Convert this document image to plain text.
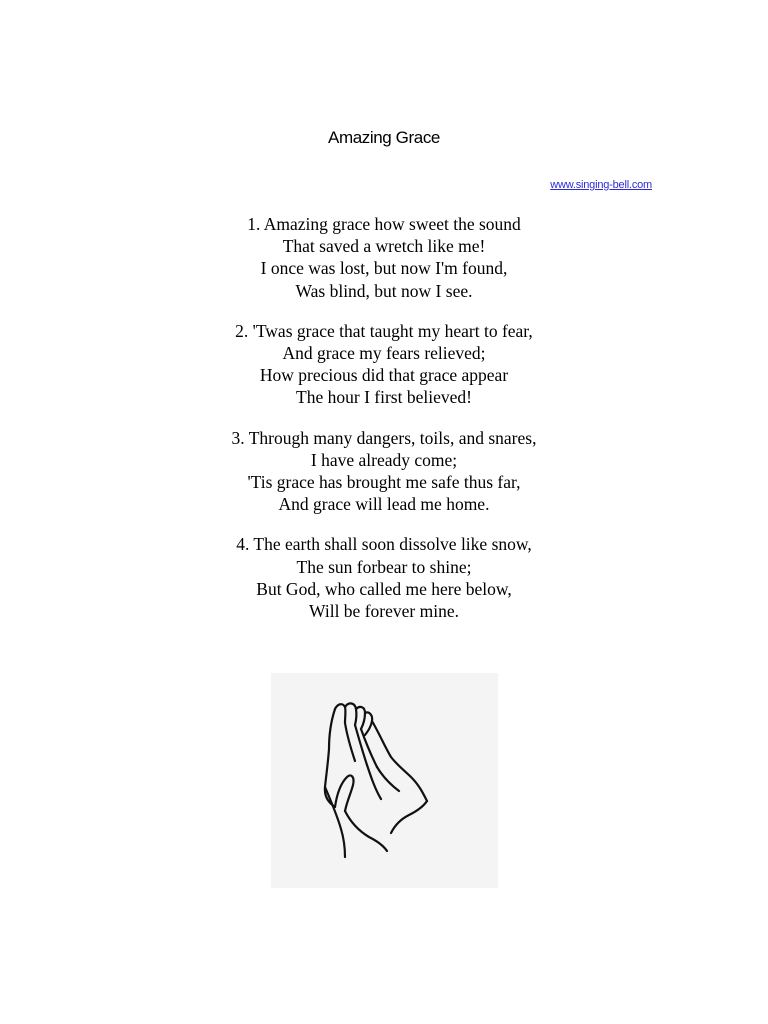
Amazing Grace
www.singing-bell.com
1. Amazing grace how sweet the sound
That saved a wretch like me!
I once was lost, but now I'm found,
Was blind, but now I see.
2. 'Twas grace that taught my heart to fear,
And grace my fears relieved;
How precious did that grace appear
The hour I first believed!
3. Through many dangers, toils, and snares,
I have already come;
'Tis grace has brought me safe thus far,
And grace will lead me home.
4. The earth shall soon dissolve like snow,
The sun forbear to shine;
But God, who called me here below,
Will be forever mine.
